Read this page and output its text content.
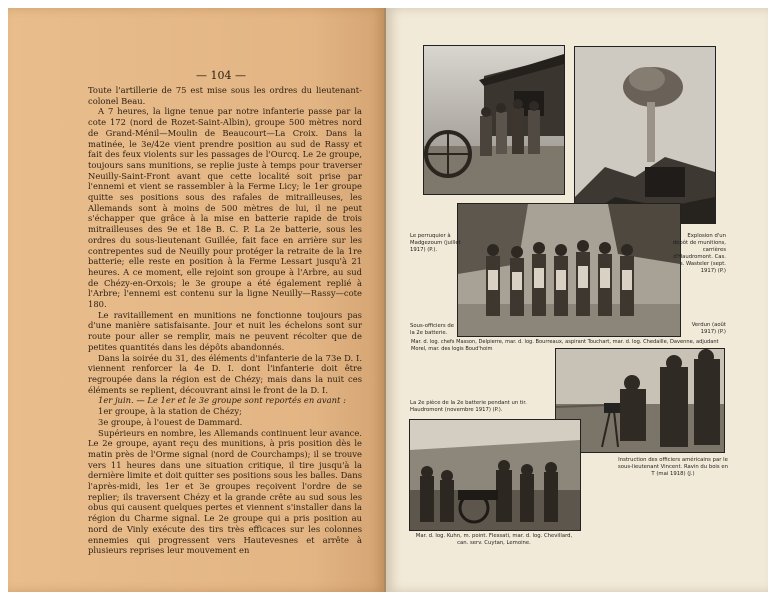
— 104 —

Toute l'artillerie de 75 est mise sous les ordres du lieutenant-colonel Beau.

A 7 heures, la ligne tenue par notre infanterie passe par la cote 172 (nord de Rozet-Saint-Albin), groupe 500 mètres nord de Grand-Ménil—Moulin de Beaucourt—La Croix. Dans la matinée, le 3e/42e vient prendre position au sud de Rassy et fait des feux violents sur les passages de l'Ourcq. Le 2e groupe, toujours sans munitions, se replie juste à temps pour traverser Neuilly-Saint-Front avant que cette localité soit prise par l'ennemi et vient se rassembler à la Ferme Licy; le 1er groupe quitte ses positions sous des rafales de mitrailleuses, les Allemands sont à moins de 500 mètres de lui, il ne peut s'échapper que grâce à la mise en batterie rapide de trois mitrailleuses des 9e et 18e B. C. P. La 2e batterie, sous les ordres du sous-lieutenant Guillée, fait face en arrière sur les contrepentes sud de Neuilly pour protéger la retraite de la 1re batterie; elle reste en position à la Ferme Lessart jusqu'à 21 heures. A ce moment, elle rejoint son groupe à l'Arbre, au sud de Chézy-en-Orxois; le 3e groupe a été également replié à l'Arbre; l'ennemi est contenu sur la ligne Neuilly—Rassy—cote 180.

Le ravitaillement en munitions ne fonctionne toujours pas d'une manière satisfaisante. Jour et nuit les échelons sont sur route pour aller se remplir, mais ne peuvent récolter que de petites quantités dans les dépôts abandonnés.

Dans la soirée du 31, des éléments d'infanterie de la 73e D. I. viennent renforcer la 4e D. I. dont l'infanterie doit être regroupée dans la région est de Chézy; mais dans la nuit ces éléments se replient, découvrant ainsi le front de la D. I.

1er juin. — Le 1er et le 3e groupe sont reportés en avant :

1er groupe, à la station de Chézy;

3e groupe, à l'ouest de Dammard.

Supérieurs en nombre, les Allemands continuent leur avance. Le 2e groupe, ayant reçu des munitions, à pris position dès le matin près de l'Orme signal (nord de Courchamps); il se trouve vers 11 heures dans une situation critique, il tire jusqu'à la dernière limite et doit quitter ses positions sous les balles. Dans l'après-midi, les 1er et 3e groupes reçoivent l'ordre de se replier; ils traversent Chézy et la grande crête au sud sous les obus qui causent quelques pertes et viennent s'installer dans la région du Charme signal. Le 2e groupe qui a pris position au nord de Vinly exécute des tirs très efficaces sur les colonnes ennemies qui progressent vers Hautevesnes et arrête à plusieurs reprises leur mouvement en

Le perruquier à Madgezoum (juillet 1917) (P.).
Explosion d'un dépôt de munitions, carrières d'Haudromont. Cas. s. Wasteler (sept. 1917) (P.)
Sous-officiers de la 2e batterie.
Verdun (août 1917) (P.)
Mar. d. log. chefs Masson, Delpierre, mar. d. log. Bourreaux, aspirant Touchart, mar. d. log. Chedaille, Davenne, adjudant Morel, mar. des logis Boud'hoim
La 2e pièce de la 2e batterie pendant un tir. Haudromont (novembre 1917) (P.).
Instruction des officiers américains par le sous-lieutenant Vincent. Ravin du bois en T (mai 1918) (J.)
Mar. d. log. Kuhn, m. point. Flessati, mar. d. log. Chevillard, can. serv. Cuytan, Lemoine.
